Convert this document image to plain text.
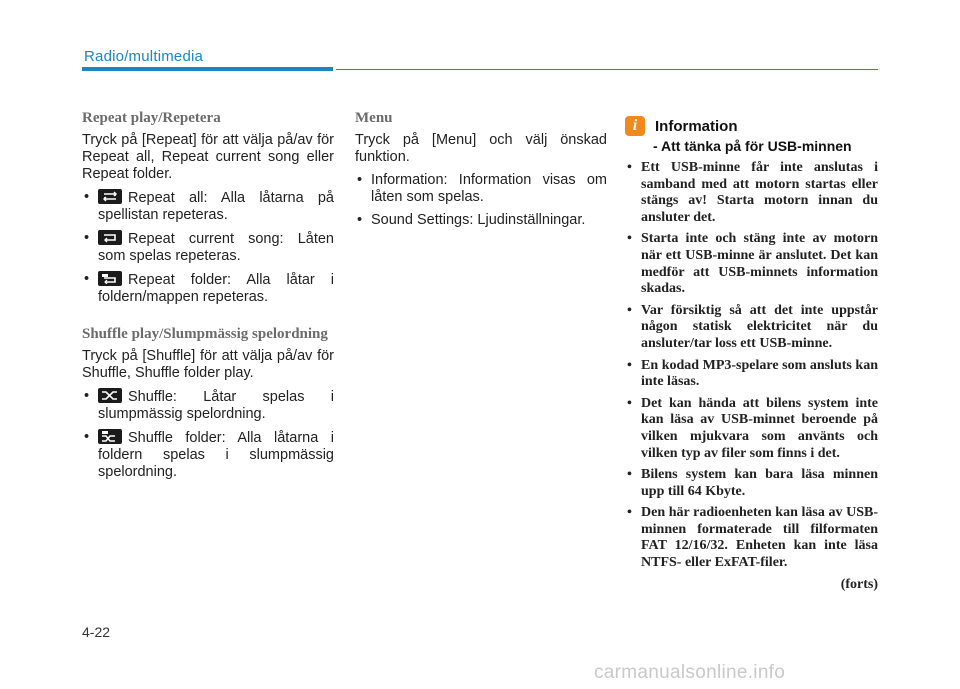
Radio/multimedia
Repeat play/Repetera
Tryck på [Repeat] för att välja på/av för Repeat all, Repeat current song eller Repeat folder.
• Repeat all: Alla låtarna på spellistan repeteras.
• Repeat current song: Låten som spelas repeteras.
• Repeat folder: Alla låtar i foldern/mappen repeteras.
Shuffle play/Slumpmässig spelordning
Tryck på [Shuffle] för att välja på/av för Shuffle, Shuffle folder play.
• Shuffle: Låtar spelas i slumpmässig spelordning.
• Shuffle folder: Alla låtarna i foldern spelas i slumpmässig spelordning.
Menu
Tryck på [Menu] och välj önskad funktion.
• Information: Information visas om låten som spelas.
• Sound Settings: Ljudinställningar.
i	Information
- Att tänka på för USB-minnen
• Ett USB-minne får inte anslutas i samband med att motorn startas eller stängs av! Starta motorn innan du ansluter det.
• Starta inte och stäng inte av motorn när ett USB-minne är anslutet. Det kan medför att USB-minnets information skadas.
• Var försiktig så att det inte uppstår någon statisk elektricitet när du ansluter/tar loss ett USB-minne.
• En kodad MP3-spelare som ansluts kan inte läsas.
• Det kan hända att bilens system inte kan läsa av USB-minnet beroende på vilken mjukvara som använts och vilken typ av filer som finns i det.
• Bilens system kan bara läsa minnen upp till 64 Kbyte.
• Den här radioenheten kan läsa av USB-minnen formaterade till filformaten FAT 12/16/32. Enheten kan inte läsa NTFS- eller ExFAT-filer.
(forts)
4-22
carmanualsonline.info
